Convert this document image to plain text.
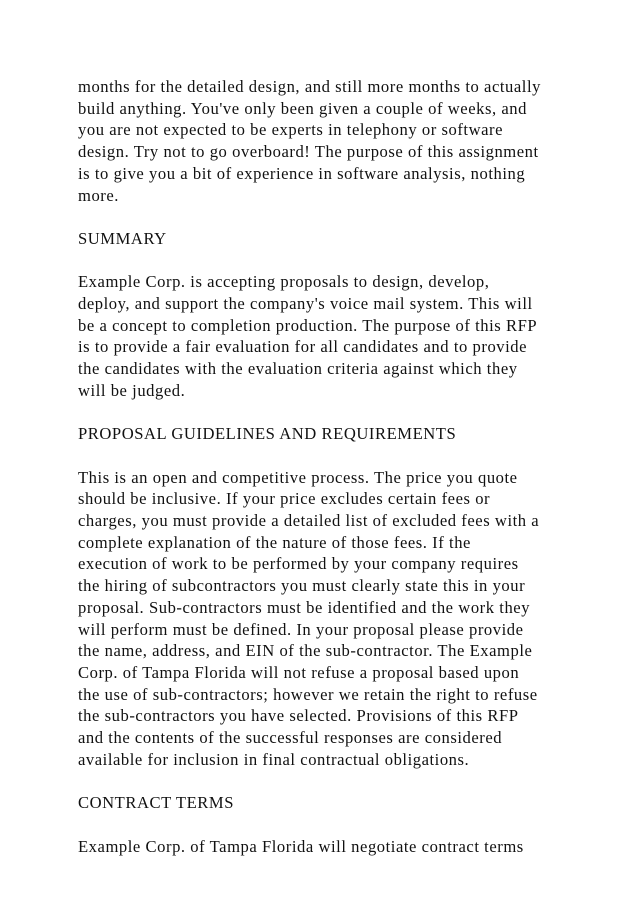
months for the detailed design, and still more months to actually
build anything. You've only been given a couple of weeks, and
you are not expected to be experts in telephony or software
design. Try not to go overboard! The purpose of this assignment
is to give you a bit of experience in software analysis, nothing
more.
SUMMARY
Example Corp. is accepting proposals to design, develop,
deploy, and support the company's voice mail system. This will
be a concept to completion production. The purpose of this RFP
is to provide a fair evaluation for all candidates and to provide
the candidates with the evaluation criteria against which they
will be judged.
PROPOSAL GUIDELINES AND REQUIREMENTS
This is an open and competitive process. The price you quote
should be inclusive. If your price excludes certain fees or
charges, you must provide a detailed list of excluded fees with a
complete explanation of the nature of those fees. If the
execution of work to be performed by your company requires
the hiring of subcontractors you must clearly state this in your
proposal. Sub-contractors must be identified and the work they
will perform must be defined. In your proposal please provide
the name, address, and EIN of the sub-contractor. The Example
Corp. of Tampa Florida will not refuse a proposal based upon
the use of sub-contractors; however we retain the right to refuse
the sub-contractors you have selected. Provisions of this RFP
and the contents of the successful responses are considered
available for inclusion in final contractual obligations.
CONTRACT TERMS
Example Corp. of Tampa Florida will negotiate contract terms
